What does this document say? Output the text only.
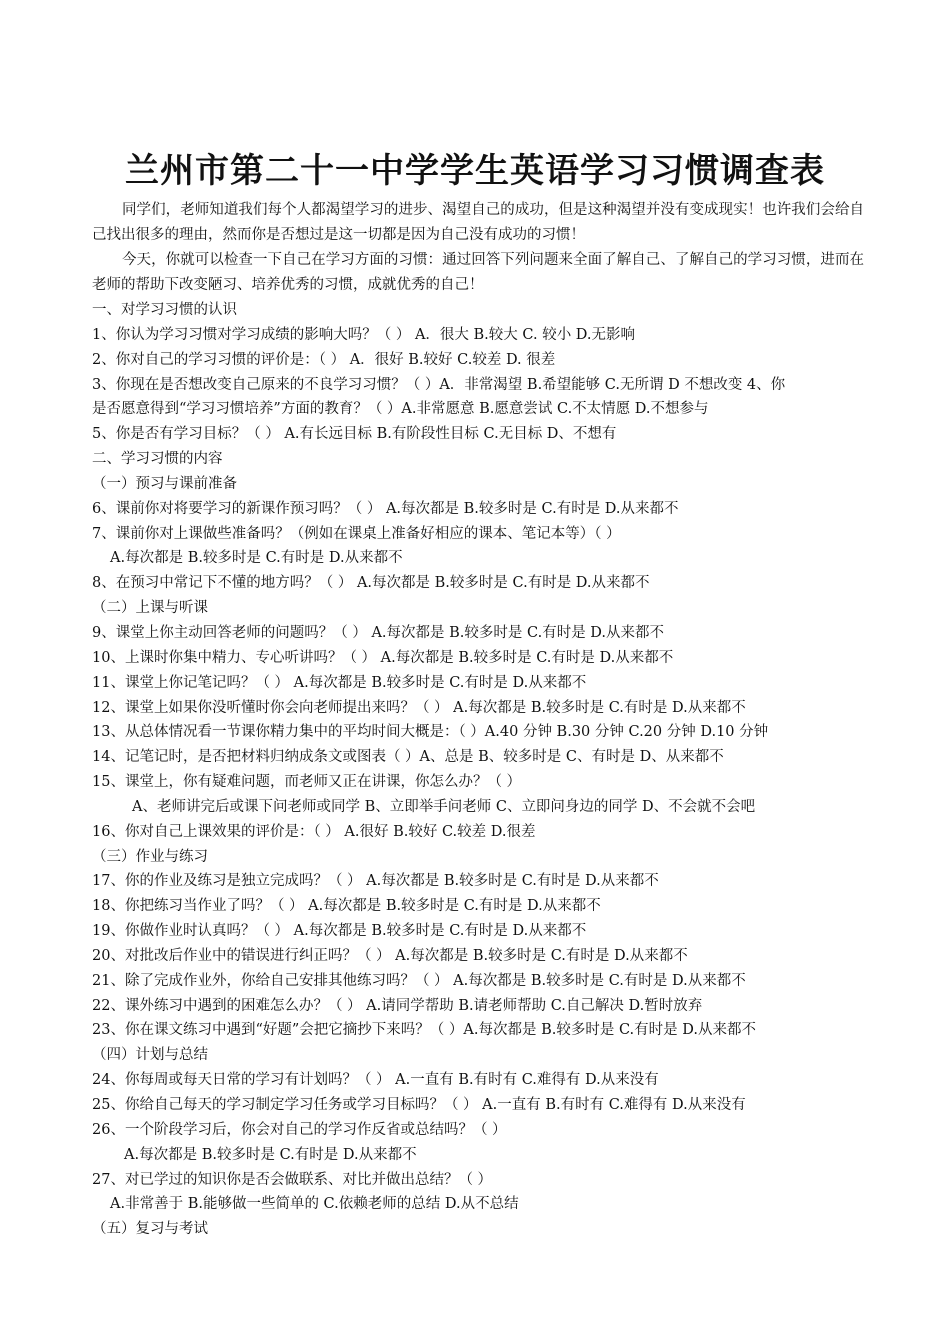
兰州市第二十一中学学生英语学习习惯调查表
同学们，老师知道我们每个人都渴望学习的进步、渴望自己的成功，但是这种渴望并没有变成现实！也许我们会给自己找出很多的理由，然而你是否想过是这一切都是因为自己没有成功的习惯！
今天，你就可以检查一下自己在学习方面的习惯：通过回答下列问题来全面了解自己、了解自己的学习习惯，进而在老师的帮助下改变陋习、培养优秀的习惯，成就优秀的自己！
一、对学习习惯的认识
1、你认为学习习惯对学习成绩的影响大吗？（ ） A．很大 B.较大 C. 较小 D.无影响
2、你对自己的学习习惯的评价是：（ ） A．很好 B.较好 C.较差 D. 很差
3、你现在是否想改变自己原来的不良学习习惯？（ ）A．非常渴望 B.希望能够 C.无所谓 D 不想改变 4、你
是否愿意得到“学习习惯培养”方面的教育？（ ）A.非常愿意 B.愿意尝试 C.不太情愿 D.不想参与
5、你是否有学习目标？（ ） A.有长远目标 B.有阶段性目标 C.无目标 D、不想有
二、学习习惯的内容
（一）预习与课前准备
6、课前你对将要学习的新课作预习吗？（ ） A.每次都是 B.较多时是 C.有时是 D.从来都不
7、课前你对上课做些准备吗？（例如在课桌上准备好相应的课本、笔记本等）（ ）
A.每次都是 B.较多时是 C.有时是 D.从来都不
8、在预习中常记下不懂的地方吗？（ ） A.每次都是 B.较多时是 C.有时是 D.从来都不
（二）上课与听课
9、课堂上你主动回答老师的问题吗？（ ） A.每次都是 B.较多时是 C.有时是 D.从来都不
10、上课时你集中精力、专心听讲吗？（ ） A.每次都是 B.较多时是 C.有时是 D.从来都不
11、课堂上你记笔记吗？（ ） A.每次都是 B.较多时是 C.有时是 D.从来都不
12、课堂上如果你没听懂时你会向老师提出来吗？（ ） A.每次都是 B.较多时是 C.有时是 D.从来都不
13、从总体情况看一节课你精力集中的平均时间大概是：（ ）A.40 分钟 B.30 分钟 C.20 分钟 D.10 分钟
14、记笔记时，是否把材料归纳成条文或图表（ ）A、总是 B、较多时是 C、有时是 D、从来都不
15、课堂上，你有疑难问题，而老师又正在讲课，你怎么办？（ ）
A、老师讲完后或课下问老师或同学 B、立即举手问老师 C、立即问身边的同学 D、不会就不会吧
16、你对自己上课效果的评价是：（ ） A.很好 B.较好 C.较差 D.很差
（三）作业与练习
17、你的作业及练习是独立完成吗？（ ） A.每次都是 B.较多时是 C.有时是 D.从来都不
18、你把练习当作业了吗？（ ） A.每次都是 B.较多时是 C.有时是 D.从来都不
19、你做作业时认真吗？（ ） A.每次都是 B.较多时是 C.有时是 D.从来都不
20、对批改后作业中的错误进行纠正吗？（ ） A.每次都是 B.较多时是 C.有时是 D.从来都不
21、除了完成作业外，你给自己安排其他练习吗？（ ） A.每次都是 B.较多时是 C.有时是 D.从来都不
22、课外练习中遇到的困难怎么办？（ ） A.请同学帮助 B.请老师帮助 C.自己解决 D.暂时放弃
23、你在课文练习中遇到“好题”会把它摘抄下来吗？（ ）A.每次都是 B.较多时是 C.有时是 D.从来都不
（四）计划与总结
24、你每周或每天日常的学习有计划吗？（ ） A.一直有 B.有时有 C.难得有 D.从来没有
25、你给自己每天的学习制定学习任务或学习目标吗？（ ） A.一直有 B.有时有 C.难得有 D.从来没有
26、一个阶段学习后，你会对自己的学习作反省或总结吗？（ ）
A.每次都是 B.较多时是 C.有时是 D.从来都不
27、对已学过的知识你是否会做联系、对比并做出总结？（ ）
A.非常善于 B.能够做一些简单的 C.依赖老师的总结 D.从不总结
（五）复习与考试
